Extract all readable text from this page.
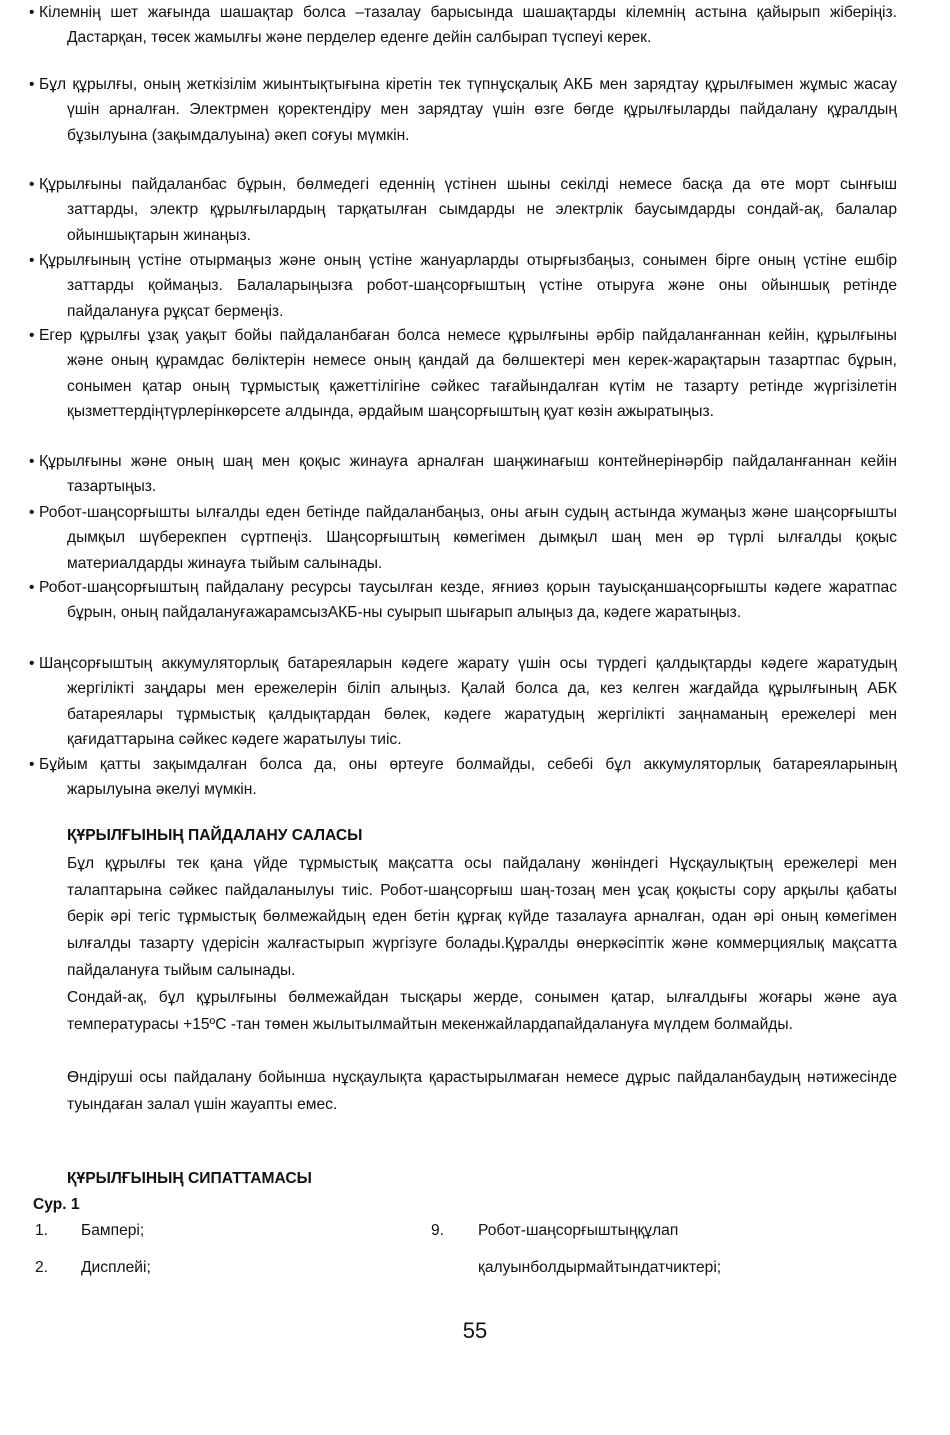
• Кілемнің шет жағында шашақтар болса –тазалау барысында шашақтарды кілемнің астына қайырып жіберіңіз. Дастарқан, төсек жамылғы және перделер еденге дейін салбырап түспеуі керек.
• Бұл құрылғы, оның жеткізілім жиынтықтығына кіретін тек түпнұсқалық АКБ мен зарядтау құрылғымен жұмыс жасау үшін арналған. Электрмен қоректендіру мен зарядтау үшін өзге бөгде құрылғыларды пайдалану құралдың бұзылуына (зақымдалуына) әкеп соғуы мүмкін.
• Құрылғыны пайдаланбас бұрын, бөлмедегі еденнің үстінен шыны секілді немесе басқа да өте морт сынғыш заттарды, электр құрылғылардың тарқатылған сымдарды не электрлік баусымдарды сондай-ақ, балалар ойыншықтарын жинаңыз.
• Құрылғының үстіне отырмаңыз және оның үстіне жануарларды отырғызбаңыз, сонымен бірге оның үстіне ешбір заттарды қоймаңыз. Балаларыңызға робот-шаңсорғыштың үстіне отыруға және оны ойыншық ретінде пайдалануға рұқсат бермеңіз.
• Егер құрылғы ұзақ уақыт бойы пайдаланбаған болса немесе құрылғыны әрбір пайдаланғаннан кейін, құрылғыны және оның құрамдас бөліктерін немесе оның қандай да бөлшектері мен керек-жарақтарын тазартпас бұрын, сонымен қатар оның тұрмыстық қажеттілігіне сәйкес тағайындалған күтім не тазарту ретінде жүргізілетін қызметтердіңтүрлерінкөрсете алдында, әрдайым шаңсорғыштың қуат көзін ажыратыңыз.
• Құрылғыны және оның шаң мен қоқыс жинауға арналған шаңжинағыш контейнерінәрбір пайдаланғаннан кейін тазартыңыз.
• Робот-шаңсорғышты ылғалды еден бетінде пайдаланбаңыз, оны ағын судың астында жумаңыз және шаңсорғышты дымқыл шүберекпен сүртпеңіз. Шаңсорғыштың көмегімен дымқыл шаң мен әр түрлі ылғалды қоқыс материалдарды жинауға тыйым салынады.
• Робот-шаңсорғыштың пайдалану ресурсы таусылған кезде, яғниөз қорын тауысқаншаңсорғышты кәдеге жаратпас бұрын, оның пайдалануғажарамсызАКБ-ны суырып шығарып алыңыз да, кәдеге жаратыңыз.
• Шаңсорғыштың аккумуляторлық батареяларын кәдеге жарату үшін осы түрдегі қалдықтарды кәдеге жаратудың жергілікті заңдары мен ережелерін біліп алыңыз. Қалай болса да, кез келген жағдайда құрылғының АБК батареялары тұрмыстық қалдықтардан бөлек, кәдеге жаратудың жергілікті заңнаманың ережелері мен қағидаттарына сәйкес кәдеге жаратылуы тиіс.
• Бұйым қатты зақымдалған болса да, оны өртеуге болмайды, себебі бұл аккумуляторлық батареяларының жарылуына әкелуі мүмкін.
ҚҰРЫЛҒЫНЫҢ ПАЙДАЛАНУ САЛАСЫ
Бұл құрылғы тек қана үйде тұрмыстық мақсатта осы пайдалану жөніндегі Нұсқаулықтың ережелері мен талаптарына сәйкес пайдаланылуы тиіс. Робот-шаңсорғыш шаң-тозаң мен ұсақ қоқысты сору арқылы қабаты берік әрі тегіс тұрмыстық бөлмежайдың еден бетін құрғақ күйде тазалауға арналған, одан әрі оның көмегімен ылғалды тазарту үдерісін жалғастырып жүргізуге болады.Құралды өнеркәсіптік және коммерциялық мақсатта пайдалануға тыйым салынады.
Сондай-ақ, бұл құрылғыны бөлмежайдан тысқары жерде, сонымен қатар, ылғалдығы жоғары және ауа температурасы +15ºС -тан төмен жылытылмайтын мекенжайлардапайдалануға мүлдем болмайды.
Өндіруші осы пайдалану бойынша нұсқаулықта қарастырылмаған немесе дұрыс пайдаланбаудың нәтижесінде туындаған залал үшін жауапты емес.
ҚҰРЫЛҒЫНЫҢ СИПАТТАМАСЫ
Сур. 1
1. Бампері;
2. Дисплейі;
9. Робот-шаңсорғыштыңқұлап
қалуынболдырмайтындатчиктері;
55
